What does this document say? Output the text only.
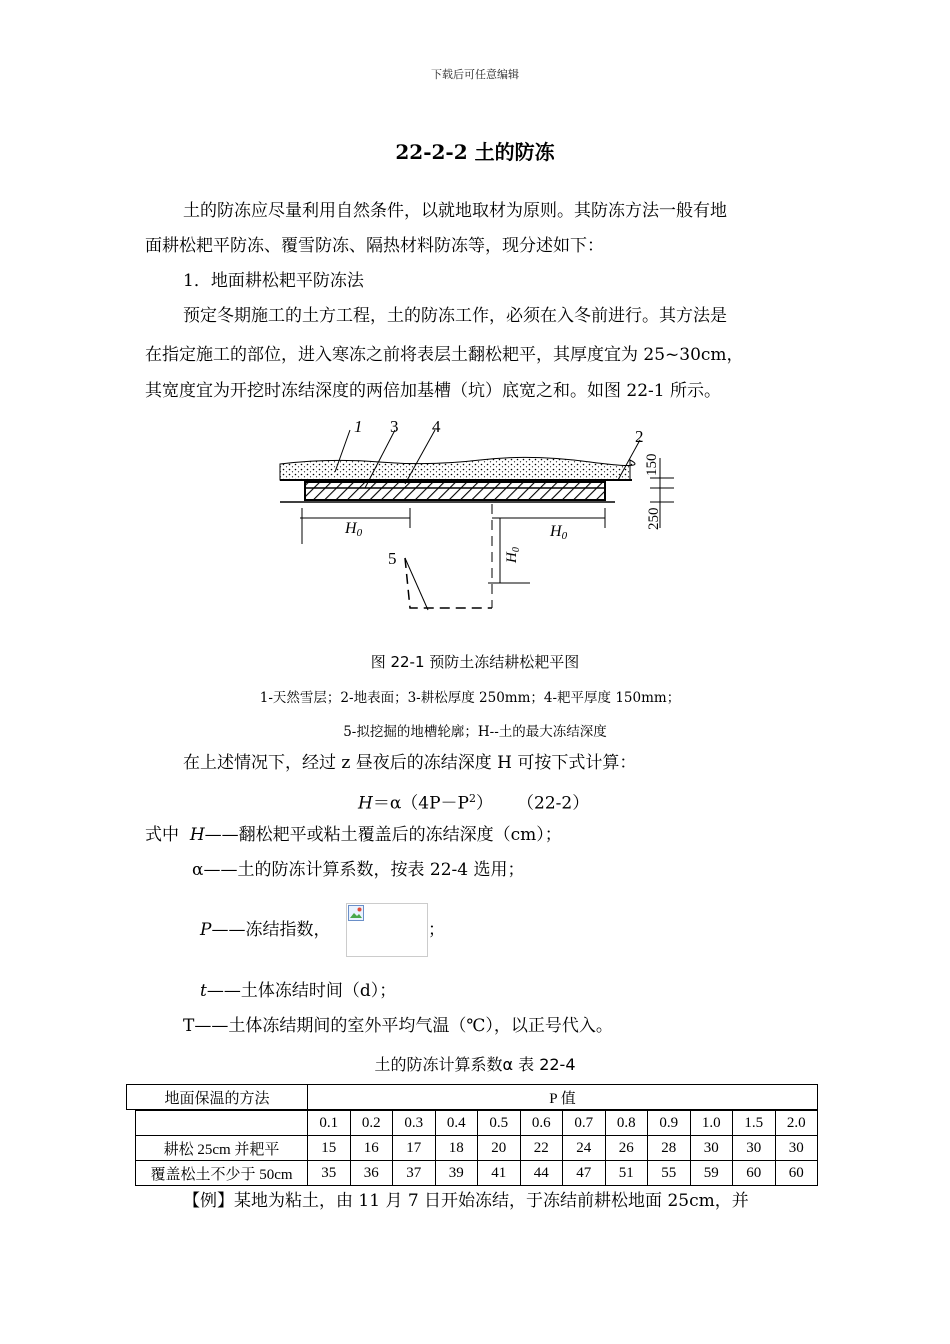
下载后可任意编辑
22-2-2 土的防冻
土的防冻应尽量利用自然条件，以就地取材为原则。其防冻方法一般有地
面耕松耙平防冻、覆雪防冻、隔热材料防冻等，现分述如下：
1．地面耕松耙平防冻法
预定冬期施工的土方工程，土的防冻工作，必须在入冬前进行。其方法是
在指定施工的部位，进入寒冻之前将表层土翻松耙平，其厚度宜为 25~30cm，
其宽度宜为开挖时冻结深度的两倍加基槽（坑）底宽之和。如图 22-1 所示。
1 3 4
2
150
250
H0	H0
$H_0$
5
图 22-1 预防土冻结耕松耙平图
1-天然雪层；2-地表面；3-耕松厚度 250mm；4-耙平厚度 150mm；
5-拟挖掘的地槽轮廓；H--土的最大冻结深度
在上述情况下，经过 z 昼夜后的冻结深度 H 可按下式计算：
$H=\alpha(4P-P^2)$ （22-2）
式中 H——翻松耙平或粘土覆盖后的冻结深度（cm）；
α——土的防冻计算系数，按表 22-4 选用；
P——冻结指数，	；
t——土体冻结时间（d）；
T——土体冻结期间的室外平均气温（℃），以正号代入。
土的防冻计算系数α 表 22-4
地面保温的方法	P 值
	0.1	0.2	0.3	0.4	0.5	0.6	0.7	0.8	0.9	1.0	1.5	2.0
耕松 25cm 并耙平	15	16	17	18	20	22	24	26	28	30	30	30
覆盖松土不少于 50cm	35	36	37	39	41	44	47	51	55	59	60	60
【例】某地为粘土，由 11 月 7 日开始冻结，于冻结前耕松地面 25cm，并
